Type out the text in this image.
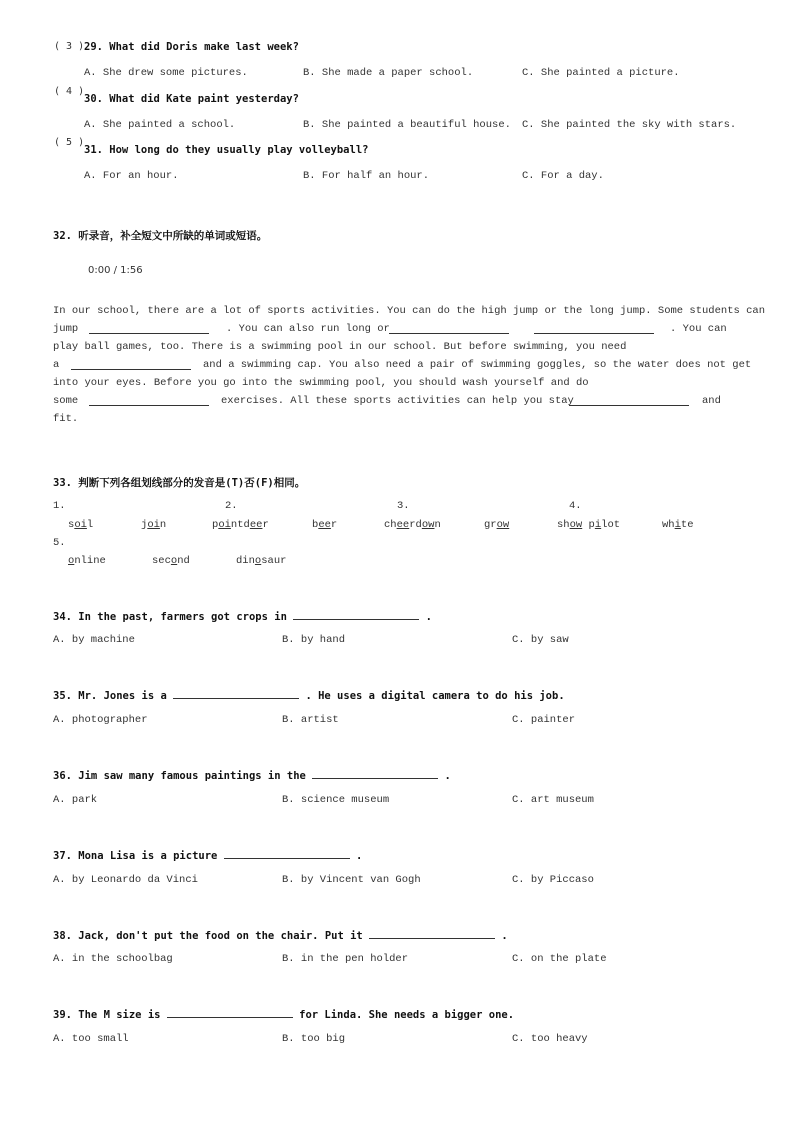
( 3 ) 29. What did Doris make last week?
A. She drew some pictures.	B. She made a paper school.	C. She painted a picture.
( 4 )
30. What did Kate paint yesterday?
A. She painted a school.	B. She painted a beautiful house. C. She painted the sky with stars.
( 5 )
31. How long do they usually play volleyball?
A. For an hour.	B. For half an hour.	C. For a day.
32. 听录音，补全短文中所缺的单词或短语。
0:00 / 1:56
In our school, there are a lot of sports activities. You can do the high jump or the long jump. Some students can
jump	. You can also run long or	. You can
play ball games, too. There is a swimming pool in our school. But before swimming, you need
a	and a swimming cap. You also need a pair of swimming goggles, so the water does not get
into your eyes. Before you go into the swimming pool, you should wash yourself and do
some	exercises. All these sports activities can help you stay	and
fit.
33. 判断下列各组划线部分的发音是(T)否(F)相同。
1.	2.	3.	4.
soil	join	pointdeer	beer	cheerdown	grow	show pilot	white
5.
online	second	dinosaur
34. In the past, farmers got crops in	.
A. by machine	B. by hand	C. by saw
35. Mr. Jones is a	. He uses a digital camera to do his job.
A. photographer	B. artist	C. painter
36. Jim saw many famous paintings in the	.
A. park	B. science museum	C. art museum
37. Mona Lisa is a picture	.
A. by Leonardo da Vinci	B. by Vincent van Gogh	C. by Piccaso
38. Jack, don't put the food on the chair. Put it	.
A. in the schoolbag	B. in the pen holder	C. on the plate
39. The M size is	for Linda. She needs a bigger one.
A. too small	B. too big	C. too heavy
